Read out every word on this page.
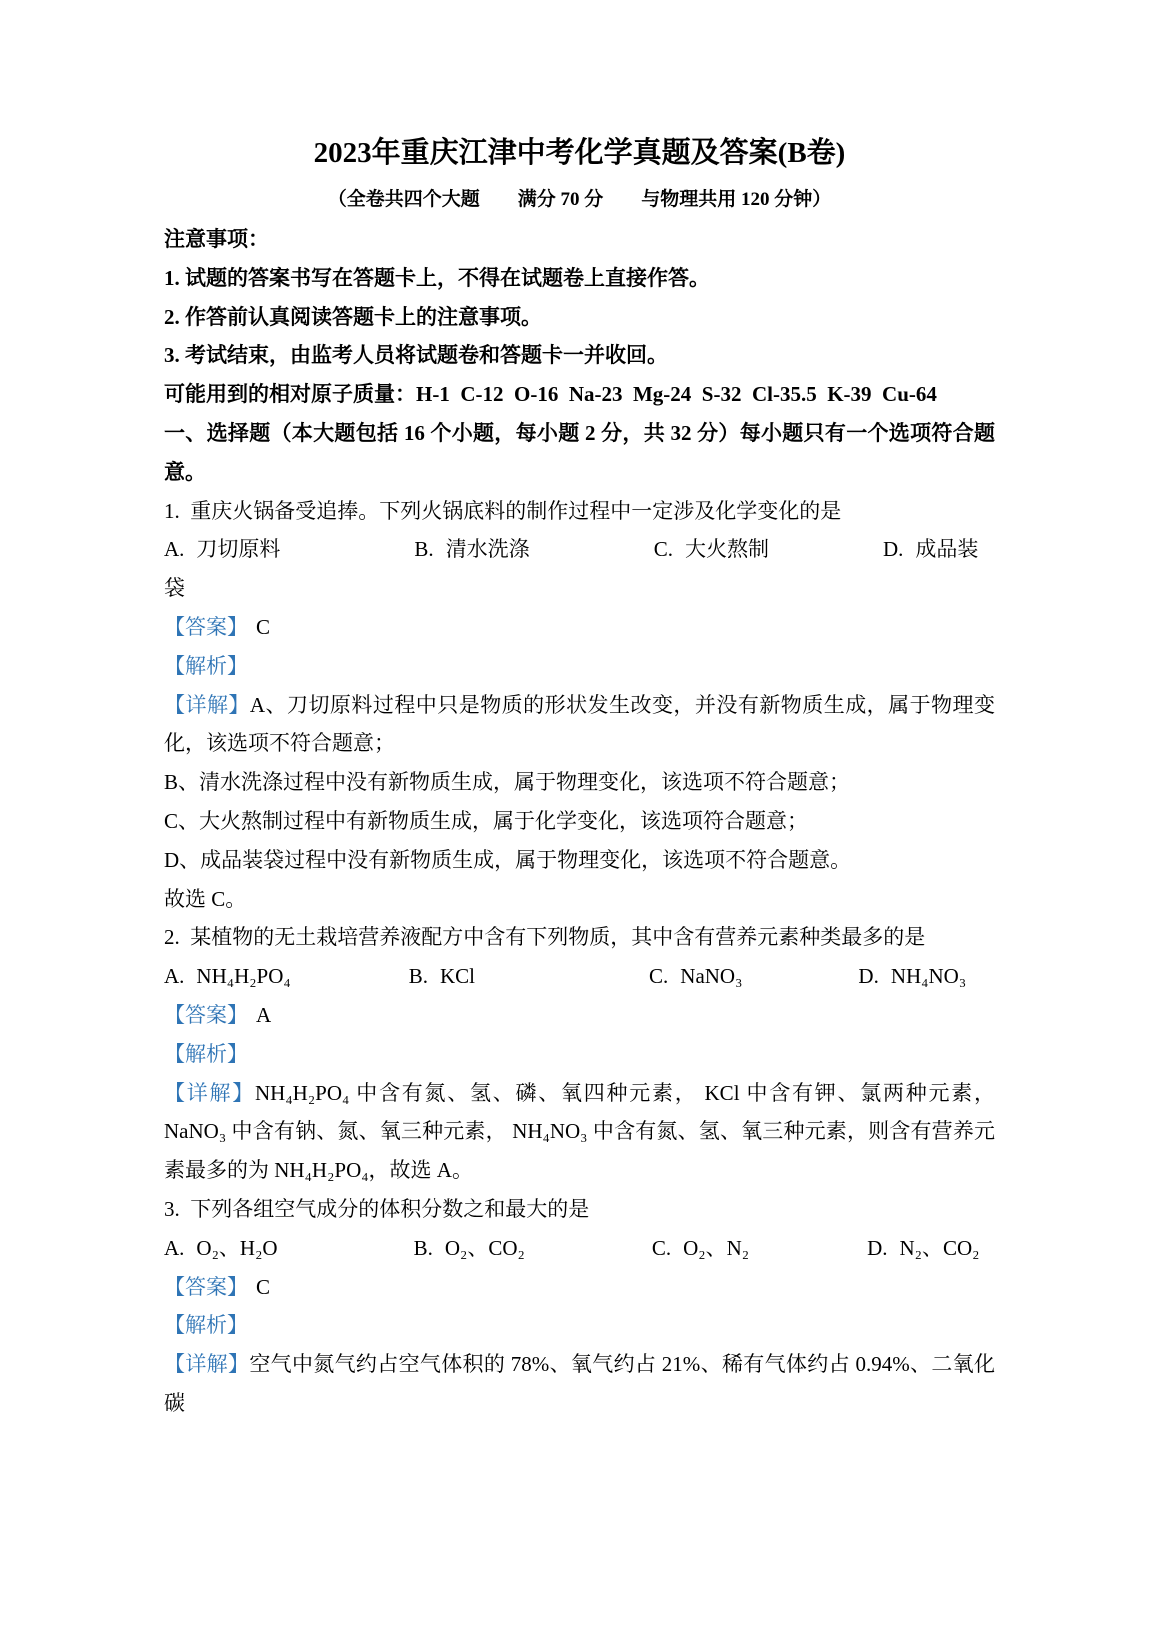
2023年重庆江津中考化学真题及答案(B卷)
（全卷共四个大题　　满分 70 分　　与物理共用 120 分钟）

注意事项：

1. 试题的答案书写在答题卡上，不得在试题卷上直接作答。

2. 作答前认真阅读答题卡上的注意事项。

3. 考试结束，由监考人员将试题卷和答题卡一并收回。

可能用到的相对原子质量：H-1  C-12  O-16  Na-23  Mg-24  S-32  Cl-35.5  K-39  Cu-64

一、选择题（本大题包括 16 个小题，每小题 2 分，共 32 分）每小题只有一个选项符合题意。

1.  重庆火锅备受追捧。下列火锅底料的制作过程中一定涉及化学变化的是

A. 刀切原料	B. 清水洗涤	C. 大火熬制	D. 成品装袋

【答案】 C

【解析】

【详解】A、刀切原料过程中只是物质的形状发生改变，并没有新物质生成，属于物理变化，该选项不符合题意；

B、清水洗涤过程中没有新物质生成，属于物理变化，该选项不符合题意；

C、大火熬制过程中有新物质生成，属于化学变化，该选项符合题意；

D、成品装袋过程中没有新物质生成，属于物理变化，该选项不符合题意。

故选 C。

2.  某植物的无土栽培营养液配方中含有下列物质，其中含有营养元素种类最多的是

A. NH₄H₂PO₄	B. KCl	C. NaNO₃	D. NH₄NO₃

【答案】 A

【解析】

【详解】NH₄H₂PO₄ 中含有氮、氢、磷、氧四种元素， KCl 中含有钾、氯两种元素， NaNO₃ 中含有钠、氮、氧三种元素， NH₄NO₃ 中含有氮、氢、氧三种元素，则含有营养元素最多的为 NH₄H₂PO₄，故选 A。

3.  下列各组空气成分的体积分数之和最大的是

A. O₂、H₂O	B. O₂、CO₂	C. O₂、N₂	D. N₂、CO₂

【答案】 C

【解析】

【详解】空气中氮气约占空气体积的 78%、氧气约占 21%、稀有气体约占 0.94%、二氧化碳
